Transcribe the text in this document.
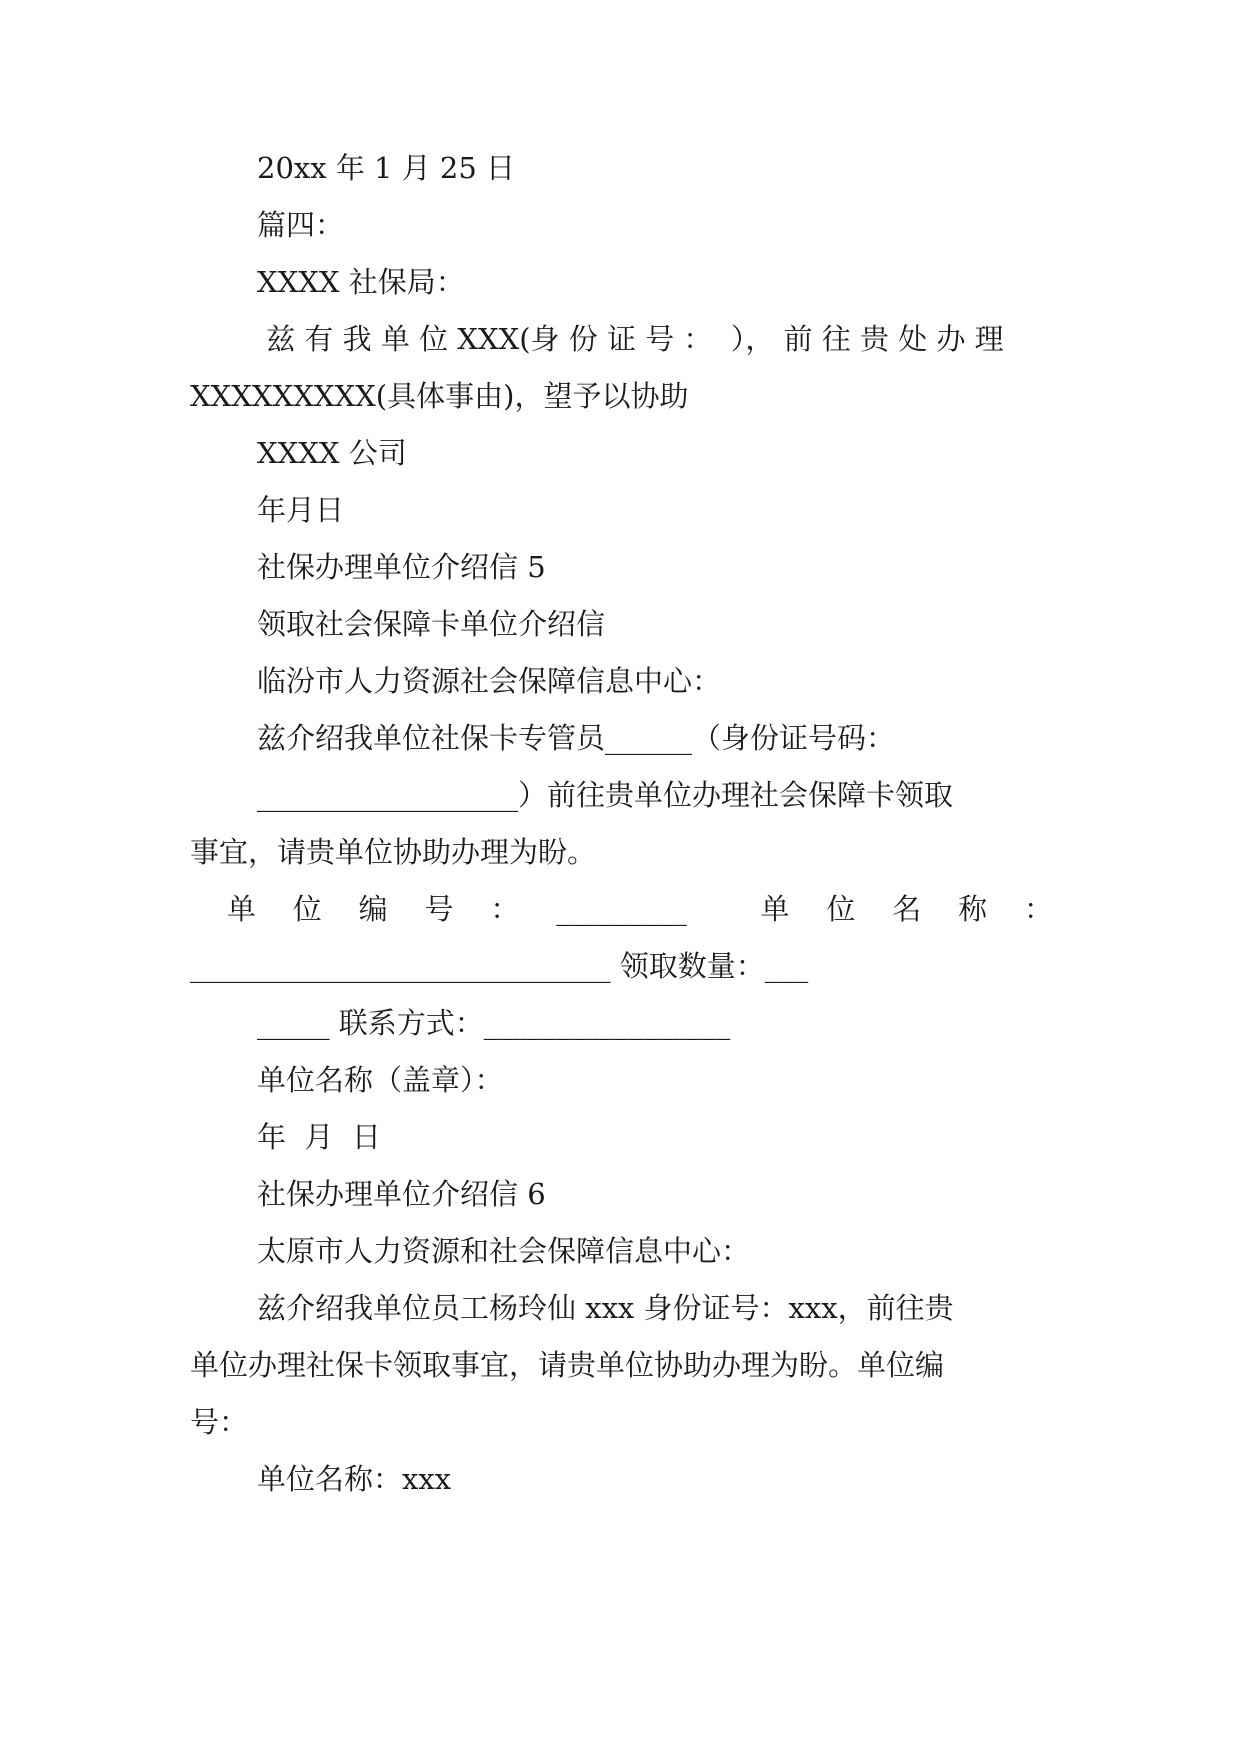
20xx 年 1 月 25 日
篇四：
XXXX 社保局：
兹 有 我 单 位 XXX(身 份 证 号 ：  ）， 前 往 贵 处 办 理
XXXXXXXXX(具体事由)，望予以协助
XXXX 公司
年月日
社保办理单位介绍信 5
领取社会保障卡单位介绍信
临汾市人力资源社会保障信息中心：
兹介绍我单位社保卡专管员______（身份证号码：
__________________）前往贵单位办理社会保障卡领取
事宜，请贵单位协助办理为盼。
单 位 编 号 ： _________	单 位 名 称 ：
_____________________________ 领取数量：___
_____ 联系方式：_________________
单位名称（盖章）：
年  月  日
社保办理单位介绍信 6
太原市人力资源和社会保障信息中心：
兹介绍我单位员工杨玲仙 xxx 身份证号：xxx，前往贵
单位办理社保卡领取事宜，请贵单位协助办理为盼。单位编
号：
单位名称：xxx
